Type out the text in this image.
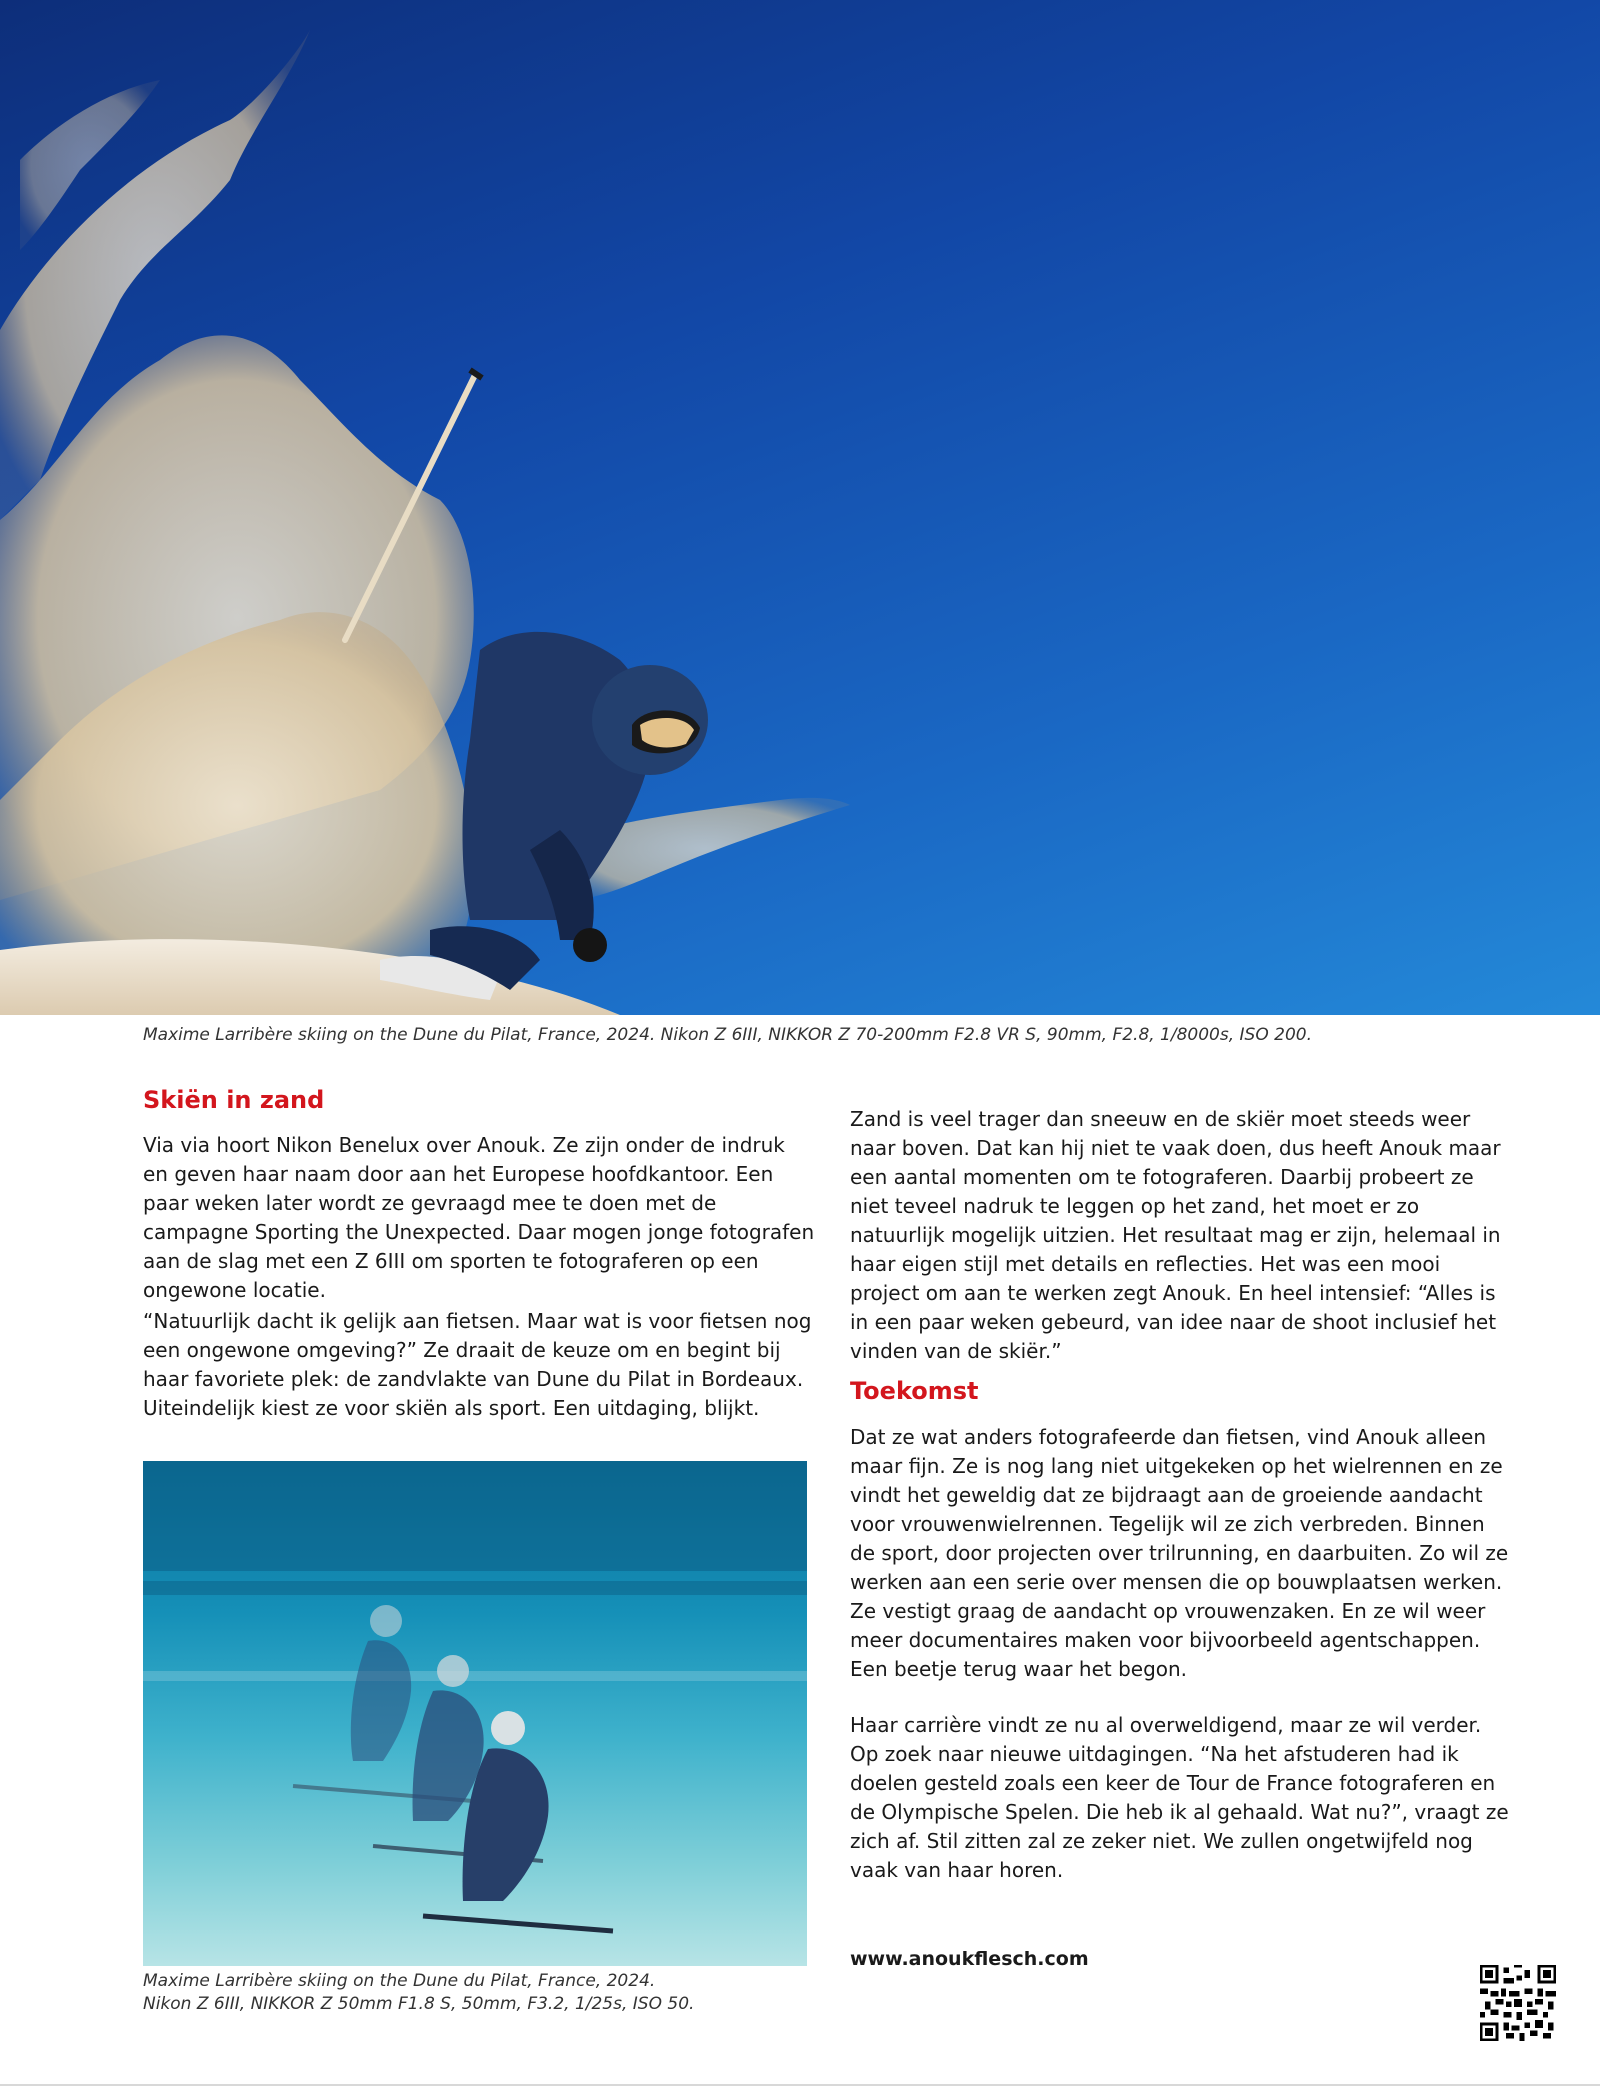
Maxime Larribère skiing on the Dune du Pilat, France, 2024. Nikon Z 6III, NIKKOR Z 70-200mm F2.8 VR S, 90mm, F2.8, 1/8000s, ISO 200.
Skiën in zand

Via via hoort Nikon Benelux over Anouk. Ze zijn onder de indruk en geven haar naam door aan het Europese hoofdkantoor. Een paar weken later wordt ze gevraagd mee te doen met de campagne Sporting the Unexpected. Daar mogen jonge fotografen aan de slag met een Z 6III om sporten te fotograferen op een ongewone locatie.

“Natuurlijk dacht ik gelijk aan fietsen. Maar wat is voor fietsen nog een ongewone omgeving?” Ze draait de keuze om en begint bij haar favoriete plek: de zandvlakte van Dune du Pilat in Bordeaux. Uiteindelijk kiest ze voor skiën als sport. Een uitdaging, blijkt.

Maxime Larribère skiing on the Dune du Pilat, France, 2024.
Nikon Z 6III, NIKKOR Z 50mm F1.8 S, 50mm, F3.2, 1/25s, ISO 50.

Zand is veel trager dan sneeuw en de skiër moet steeds weer naar boven. Dat kan hij niet te vaak doen, dus heeft Anouk maar een aantal momenten om te fotograferen. Daarbij probeert ze niet teveel nadruk te leggen op het zand, het moet er zo natuurlijk mogelijk uitzien. Het resultaat mag er zijn, helemaal in haar eigen stijl met details en reflecties. Het was een mooi project om aan te werken zegt Anouk. En heel intensief: “Alles is in een paar weken gebeurd, van idee naar de shoot inclusief het vinden van de skiër.”

Toekomst

Dat ze wat anders fotografeerde dan fietsen, vind Anouk alleen maar fijn. Ze is nog lang niet uitgekeken op het wielrennen en ze vindt het geweldig dat ze bijdraagt aan de groeiende aandacht voor vrouwenwielrennen. Tegelijk wil ze zich verbreden. Binnen de sport, door projecten over trilrunning, en daarbuiten. Zo wil ze werken aan een serie over mensen die op bouwplaatsen werken. Ze vestigt graag de aandacht op vrouwenzaken. En ze wil weer meer documentaires maken voor bijvoorbeeld agentschappen. Een beetje terug waar het begon.

Haar carrière vindt ze nu al overweldigend, maar ze wil verder. Op zoek naar nieuwe uitdagingen. “Na het afstuderen had ik doelen gesteld zoals een keer de Tour de France fotograferen en de Olympische Spelen. Die heb ik al gehaald. Wat nu?”, vraagt ze zich af. Stil zitten zal ze zeker niet. We zullen ongetwijfeld nog vaak van haar horen.

www.anoukflesch.com
